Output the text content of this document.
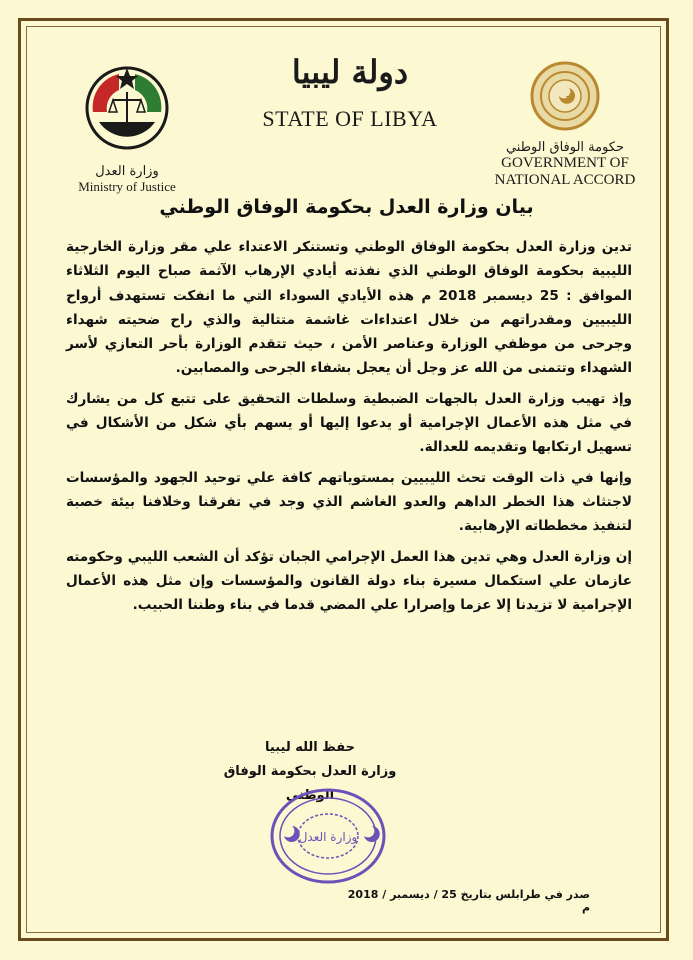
وزارة العدل
Ministry of Justice
دولة ليبيا
STATE OF LIBYA
حكومة الوفاق الوطني
GOVERNMENT OF
NATIONAL ACCORD
بيان وزارة العدل بحكومة الوفاق الوطني

تدين وزارة العدل بحكومة الوفاق الوطني وتستنكر الاعتداء علي مقر وزارة الخارجية الليبية بحكومة الوفاق الوطني الذي نفذته أيادي الإرهاب الآثمة صباح اليوم الثلاثاء الموافق : 25 ديسمبر 2018 م هذه الأيادي السوداء التي ما انفكت تستهدف أرواح الليبيين ومقدراتهم من خلال اعتداءات غاشمة متتالية والذي راح ضحيته شهداء وجرحى من موظفي الوزارة وعناصر الأمن ، حيث تتقدم الوزارة بأحر التعازي لأسر الشهداء وتتمنى من الله عز وجل أن يعجل بشفاء الجرحى والمصابين.

وإذ تهيب وزارة العدل بالجهات الضبطية وسلطات التحقيق على تتبع كل من يشارك في مثل هذه الأعمال الإجرامية أو يدعوا إليها أو يسهم بأي شكل من الأشكال في تسهيل ارتكابها وتقديمه للعدالة.

وإنها في ذات الوقت تحث الليبيين بمستوياتهم كافة علي توحيد الجهود والمؤسسات لاجتثاث هذا الخطر الداهم والعدو الغاشم الذي وجد في تفرقنا وخلافنا بيئة خصبة لتنفيذ مخططاته الإرهابية.

إن وزارة العدل وهي تدين هذا العمل الإجرامي الجبان تؤكد أن الشعب الليبي وحكومته عازمان علي استكمال مسيرة بناء دولة القانون والمؤسسات وإن مثل هذه الأعمال الإجرامية لا تزيدنا إلا عزما وإصرارا علي المضي قدما في بناء وطننا الحبيب.

حفظ الله ليبيا
وزارة العدل بحكومة الوفاق الوطني
وزارة العدل
صدر في طرابلس بتاريخ 25 / ديسمبر / 2018 م
